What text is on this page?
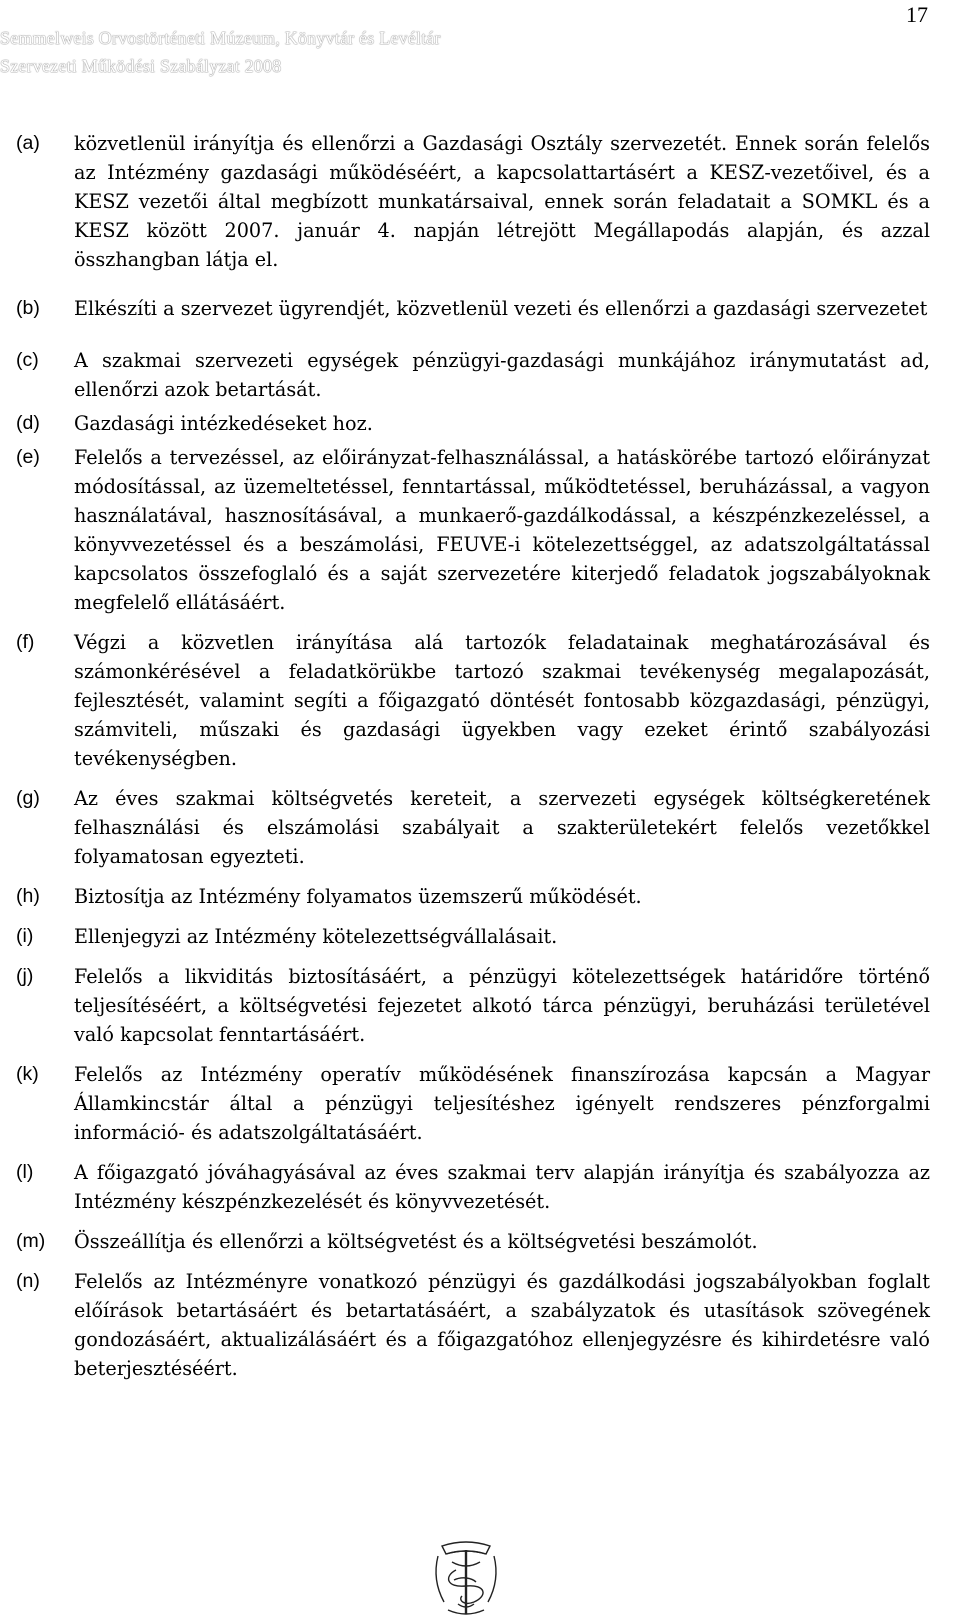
17
Semmelweis Orvostörténeti Múzeum, Könyvtár és Levéltár
Szervezeti Működési Szabályzat 2008
(a) közvetlenül irányítja és ellenőrzi a Gazdasági Osztály szervezetét. Ennek során felelős az Intézmény gazdasági működéséért, a kapcsolattartásért a KESZ-vezetőivel, és a KESZ vezetői által megbízott munkatársaival, ennek során feladatait a SOMKL és a KESZ között 2007. január 4. napján létrejött Megállapodás alapján, és azzal összhangban látja el.
(b) Elkészíti a szervezet ügyrendjét, közvetlenül vezeti és ellenőrzi a gazdasági szervezetet
(c) A szakmai szervezeti egységek pénzügyi-gazdasági munkájához iránymutatást ad, ellenőrzi azok betartását.
(d) Gazdasági intézkedéseket hoz.
(e) Felelős a tervezéssel, az előirányzat-felhasználással, a hatáskörébe tartozó előirányzat módosítással, az üzemeltetéssel, fenntartással, működtetéssel, beruházással, a vagyon használatával, hasznosításával, a munkaerő-gazdálkodással, a készpénzkezeléssel, a könyvvezetéssel és a beszámolási, FEUVE-i kötelezettséggel, az adatszolgáltatással kapcsolatos összefoglaló és a saját szervezetére kiterjedő feladatok jogszabályoknak megfelelő ellátásáért.
(f) Végzi a közvetlen irányítása alá tartozók feladatainak meghatározásával és számonkérésével a feladatkörükbe tartozó szakmai tevékenység megalapozását, fejlesztését, valamint segíti a főigazgató döntését fontosabb közgazdasági, pénzügyi, számviteli, műszaki és gazdasági ügyekben vagy ezeket érintő szabályozási tevékenységben.
(g) Az éves szakmai költségvetés kereteit, a szervezeti egységek költségkeretének felhasználási és elszámolási szabályait a szakterületekért felelős vezetőkkel folyamatosan egyezteti.
(h) Biztosítja az Intézmény folyamatos üzemszerű működését.
(i) Ellenjegyzi az Intézmény kötelezettségvállalásait.
(j) Felelős a likviditás biztosításáért, a pénzügyi kötelezettségek határidőre történő teljesítéséért, a költségvetési fejezetet alkotó tárca pénzügyi, beruházási területével való kapcsolat fenntartásáért.
(k) Felelős az Intézmény operatív működésének finanszírozása kapcsán a Magyar Államkincstár által a pénzügyi teljesítéshez igényelt rendszeres pénzforgalmi információ- és adatszolgáltatásáért.
(l) A főigazgató jóváhagyásával az éves szakmai terv alapján irányítja és szabályozza az Intézmény készpénzkezelését és könyvvezetését.
(m) Összeállítja és ellenőrzi a költségvetést és a költségvetési beszámolót.
(n) Felelős az Intézményre vonatkozó pénzügyi és gazdálkodási jogszabályokban foglalt előírások betartásáért és betartatásáért, a szabályzatok és utasítások szövegének gondozásáért, aktualizálásáért és a főigazgatóhoz ellenjegyzésre és kihirdetésre való beterjesztéséért.
